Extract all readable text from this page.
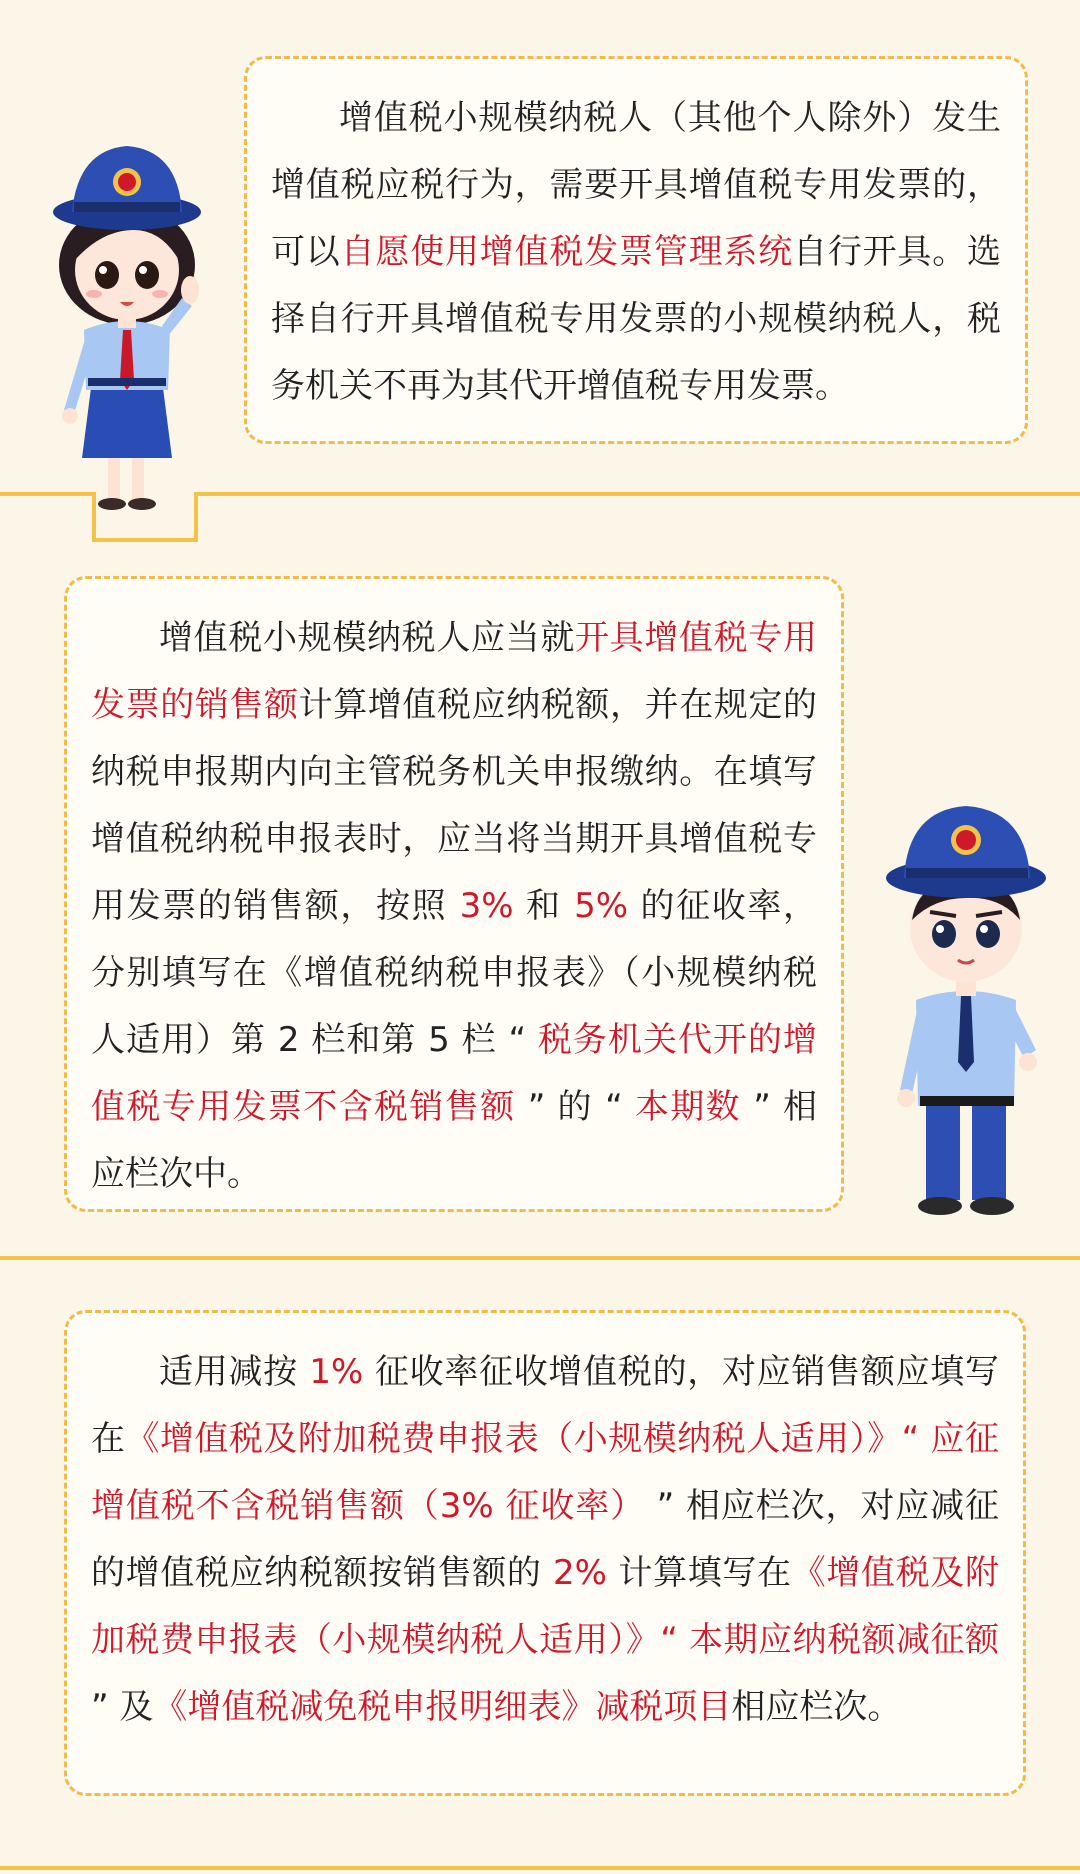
增值税小规模纳税人（其他个人除外）发生增值税应税行为，需要开具增值税专用发票的，可以自愿使用增值税发票管理系统自行开具。选择自行开具增值税专用发票的小规模纳税人，税务机关不再为其代开增值税专用发票。

增值税小规模纳税人应当就开具增值税专用发票的销售额计算增值税应纳税额，并在规定的纳税申报期内向主管税务机关申报缴纳。在填写增值税纳税申报表时，应当将当期开具增值税专用发票的销售额，按照 3% 和 5% 的征收率，分别填写在《增值税纳税申报表》（小规模纳税人适用）第 2 栏和第 5 栏 “ 税务机关代开的增值税专用发票不含税销售额 ” 的 “ 本期数 ” 相应栏次中。

适用减按 1% 征收率征收增值税的，对应销售额应填写在《增值税及附加税费申报表（小规模纳税人适用）》“ 应征增值税不含税销售额（3% 征收率） ” 相应栏次，对应减征的增值税应纳税额按销售额的 2% 计算填写在《增值税及附加税费申报表（小规模纳税人适用）》“ 本期应纳税额减征额 ” 及《增值税减免税申报明细表》减税项目相应栏次。
